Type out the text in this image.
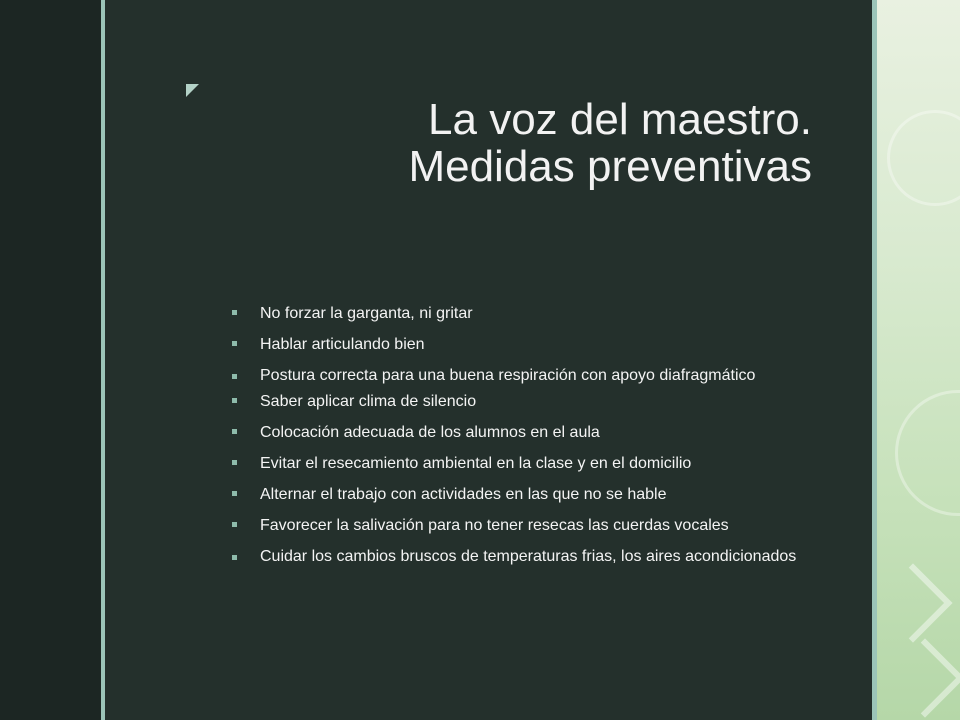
La voz del maestro.
Medidas preventivas
No forzar la garganta, ni gritar
Hablar articulando bien
Postura correcta para una buena respiración con apoyo diafragmático
Saber aplicar clima de silencio
Colocación adecuada de los alumnos en el aula
Evitar el resecamiento ambiental en la clase y en el domicilio
Alternar el trabajo con actividades en las que no se hable
Favorecer la salivación para no tener resecas las cuerdas vocales
Cuidar los cambios bruscos de temperaturas frias, los aires acondicionados
